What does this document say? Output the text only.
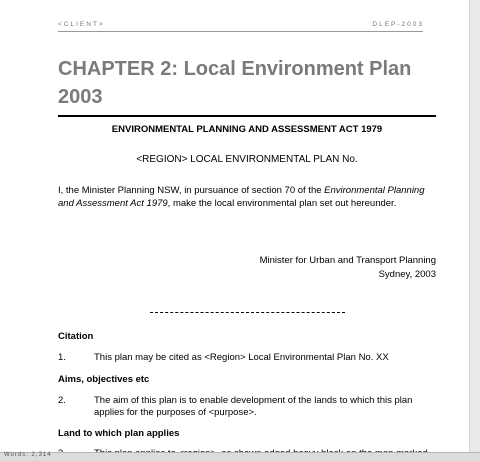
<CLIENT>	DLEP-2003
CHAPTER 2: Local Environment Plan 2003
ENVIRONMENTAL PLANNING AND ASSESSMENT ACT 1979
<REGION> LOCAL ENVIRONMENTAL PLAN No.
I, the Minister Planning NSW, in pursuance of section 70 of the Environmental Planning and Assessment Act 1979, make the local environmental plan set out hereunder.
Minister for Urban and Transport Planning
Sydney, 2003
Citation
1.	This plan may be cited as <Region> Local Environmental Plan No. XX
Aims, objectives etc
2.	The aim of this plan is to enable development of the lands to which this plan applies for the purposes of <purpose>.
Land to which plan applies
Words: 2,314
